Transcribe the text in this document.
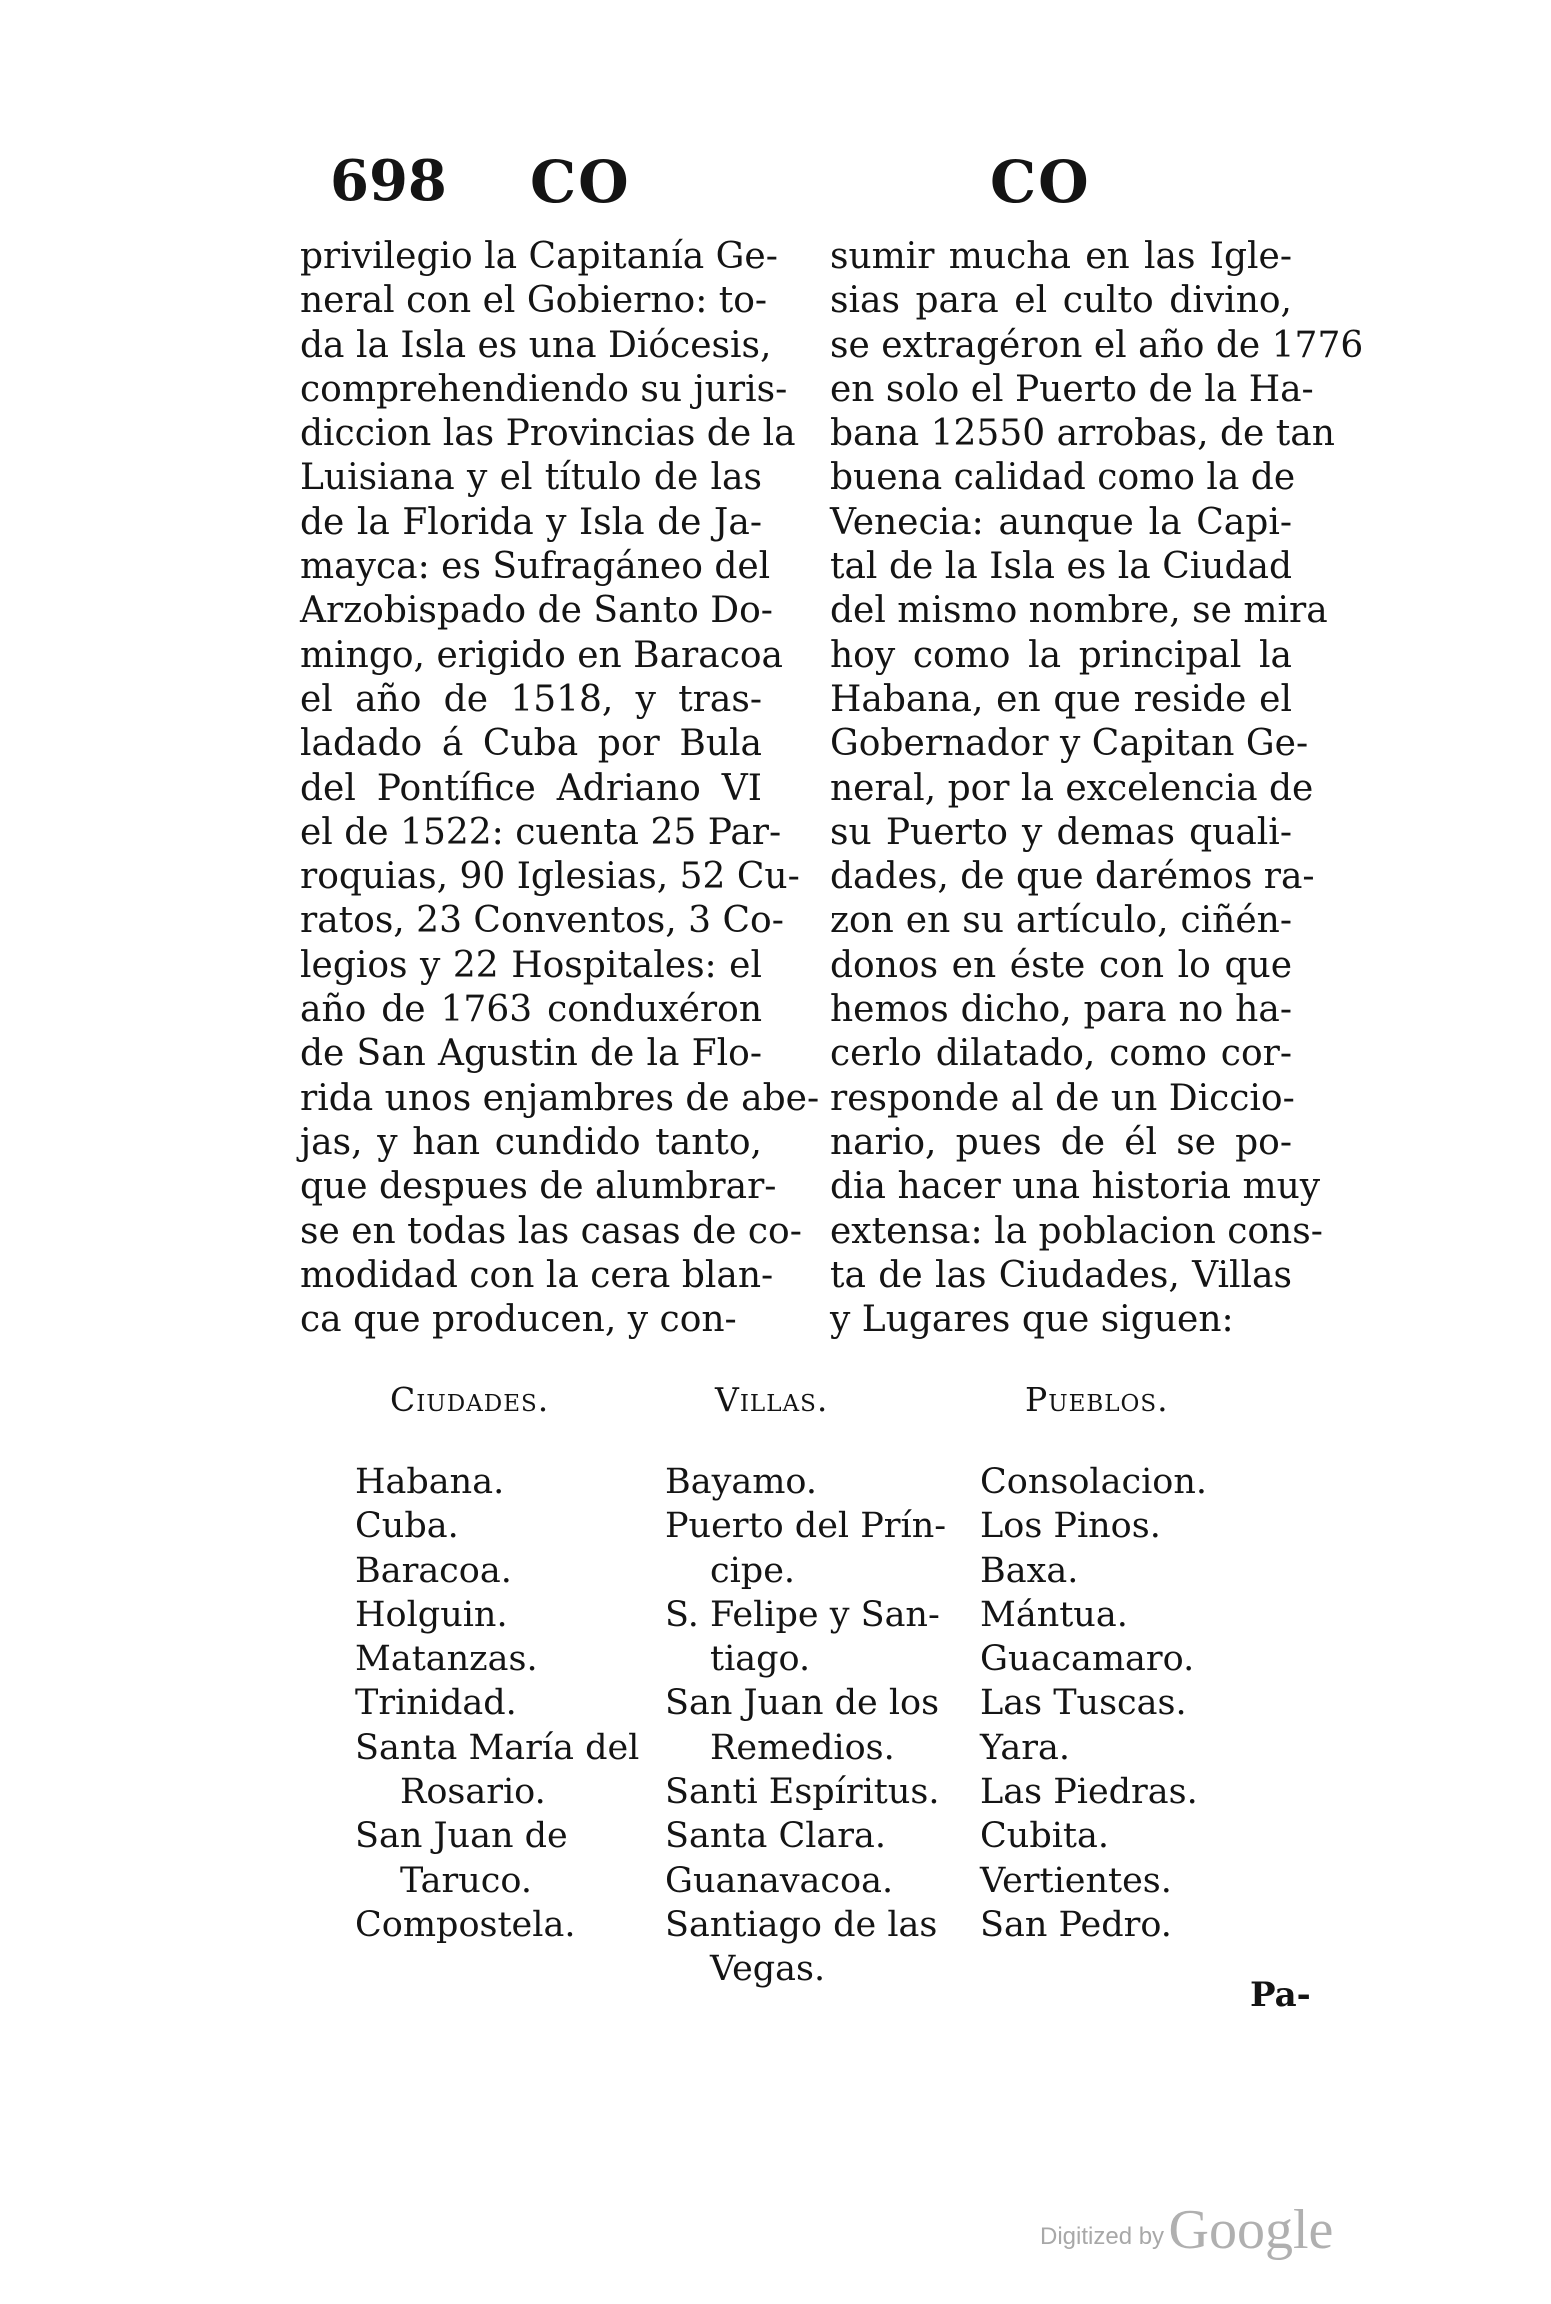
698 CO	CO
privilegio la Capitanía Ge-
neral con el Gobierno: to-
da la Isla es una Diócesis,
comprehendiendo su juris-
diccion las Provincias de la
Luisiana y el título de las
de la Florida y Isla de Ja-
mayca: es Sufragáneo del
Arzobispado de Santo Do-
mingo, erigido en Baracoa
el año de 1518, y tras-
ladado á Cuba por Bula
del Pontífice Adriano VI
el de 1522: cuenta 25 Par-
roquias, 90 Iglesias, 52 Cu-
ratos, 23 Conventos, 3 Co-
legios y 22 Hospitales: el
año de 1763 conduxéron
de San Agustin de la Flo-
rida unos enjambres de abe-
jas, y han cundido tanto,
que despues de alumbrar-
se en todas las casas de co-
modidad con la cera blan-
ca que producen, y con-
sumir mucha en las Igle-
sias para el culto divino,
se extragéron el año de 1776
en solo el Puerto de la Ha-
bana 12550 arrobas, de tan
buena calidad como la de
Venecia: aunque la Capi-
tal de la Isla es la Ciudad
del mismo nombre, se mira
hoy como la principal la
Habana, en que reside el
Gobernador y Capitan Ge-
neral, por la excelencia de
su Puerto y demas quali-
dades, de que darémos ra-
zon en su artículo, ciñén-
donos en éste con lo que
hemos dicho, para no ha-
cerlo dilatado, como cor-
responde al de un Diccio-
nario, pues de él se po-
dia hacer una historia muy
extensa: la poblacion cons-
ta de las Ciudades, Villas
y Lugares que siguen:
Ciudades.
Habana.
Cuba.
Baracoa.
Holguin.
Matanzas.
Trinidad.
Santa María del
Rosario.
San Juan de
Taruco.
Compostela.
Villas.
Bayamo.
Puerto del Prín-
cipe.
S. Felipe y San-
tiago.
San Juan de los
Remedios.
Santi Espíritus.
Santa Clara.
Guanavacoa.
Santiago de las
Vegas.
Pueblos.
Consolacion.
Los Pinos.
Baxa.
Mántua.
Guacamaro.
Las Tuscas.
Yara.
Las Piedras.
Cubita.
Vertientes.
San Pedro.
Pa-
Digitized by Google
